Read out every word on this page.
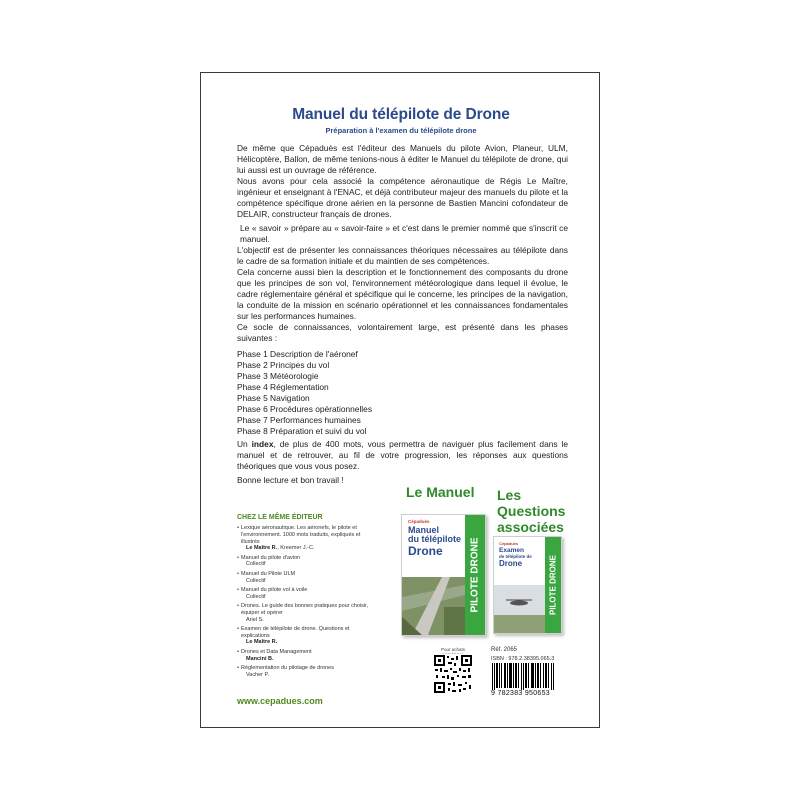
Manuel du télépilote de Drone
Préparation à l'examen du télépilote drone

De même que Cépaduès est l'éditeur des Manuels du pilote Avion, Planeur, ULM, Hélicoptère, Ballon, de même tenions-nous à éditer le Manuel du télépilote de drone, qui lui aussi est un ouvrage de référence.

Nous avons pour cela associé la compétence aéronautique de Régis Le Maître, ingénieur et enseignant à l'ENAC, et déjà contributeur majeur des manuels du pilote et la compétence spécifique drone aérien en la personne de Bastien Mancini cofondateur de DELAIR, constructeur français de drones.

Le « savoir » prépare au « savoir-faire » et c'est dans le premier nommé que s'inscrit ce manuel.

L'objectif est de présenter les connaissances théoriques nécessaires au télépilote dans le cadre de sa formation initiale et du maintien de ses compétences.

Cela concerne aussi bien la description et le fonctionnement des composants du drone que les principes de son vol, l'environnement météorologique dans lequel il évolue, le cadre réglementaire général et spécifique qui le concerne, les principes de la navigation, la conduite de la mission en scénario opérationnel et les connaissances fondamentales sur les performances humaines.

Ce socle de connaissances, volontairement large, est présenté dans les phases suivantes :

Phase 1 Description de l'aéronef
Phase 2 Principes du vol
Phase 3 Météorologie
Phase 4 Réglementation
Phase 5 Navigation
Phase 6 Procédures opérationnelles
Phase 7 Performances humaines
Phase 8 Préparation et suivi du vol

Un index, de plus de 400 mots, vous permettra de naviguer plus facilement dans le manuel et de retrouver, au fil de votre progression, les réponses aux questions théoriques que vous vous posez.

Bonne lecture et bon travail !

CHEZ LE MÊME ÉDITEUR
• Lexique aéronautique. Les aéronefs, le pilote et l'environnement. 1000 mots traduits, expliqués et illustrés
Le Maître R., Kreemer J.-C.
• Manuel du pilote d'avion
Collectif
• Manuel du Pilote ULM
Collectif
• Manuel du pilote vol à voile
Collectif
• Drones. Le guide des bonnes pratiques pour choisir, équiper et opérer
Ariel S.
• Examen de télépilote de drone. Questions et explications
Le Maître R.
• Drones et Data Management
Mancini B.
• Réglementation du pilotage de drones
Vacher P.
www.cepadues.com
Le Manuel Les
Questions
associées
Cépaduès
Manuel
du télépilote
Drone	PILOTE DRONE	Cépaduès
Examen
de télépilote de
Drone	PILOTE DRONE
Pour achats	Réf. 2065
ISBN : 978.2.38395.065.3
9 782383 950653
